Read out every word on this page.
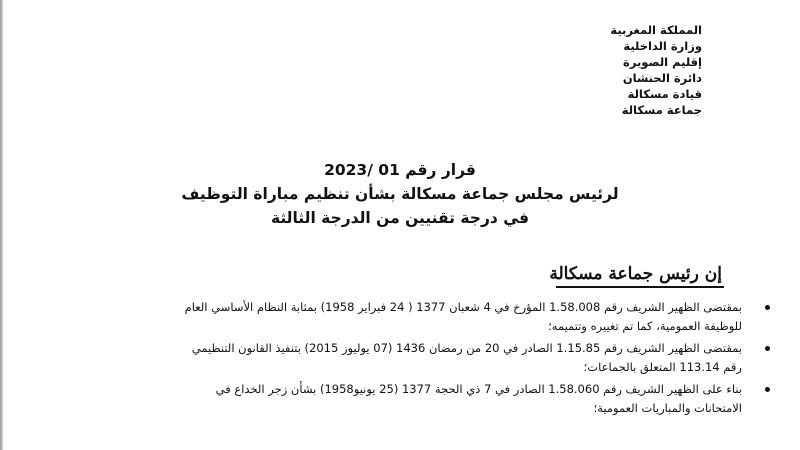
المملكة المغربية
وزارة الداخلية
إقليم الصويرة
دائرة الحنشان
قيادة مسكالة
جماعة مسكالة
قرار رقم 01 /2023
لرئيس مجلس جماعة مسكالة بشأن تنظيم مباراة التوظيف
في درجة تقنيين من الدرجة الثالثة
إن رئيس جماعة مسكالة
بمقتضى الظهير الشريف رقم 1.58.008 المؤرخ في 4 شعبان 1377 ( 24 فبراير 1958) بمثابة النظام الأساسي العام
للوظيفة العمومية، كما تم تغييره وتتميمه؛
بمقتضى الظهير الشريف رقم 1.15.85 الصادر في 20 من رمضان 1436 (07 يوليوز 2015) بتنفيذ القانون التنظيمي
رقم 113.14 المتعلق بالجماعات؛
بناء على الظهير الشريف رقم 1.58.060 الصادر في 7 ذي الحجة 1377 (25 يونيو1958) بشأن زجر الخداع في
الامتحانات والمباريات العمومية؛
